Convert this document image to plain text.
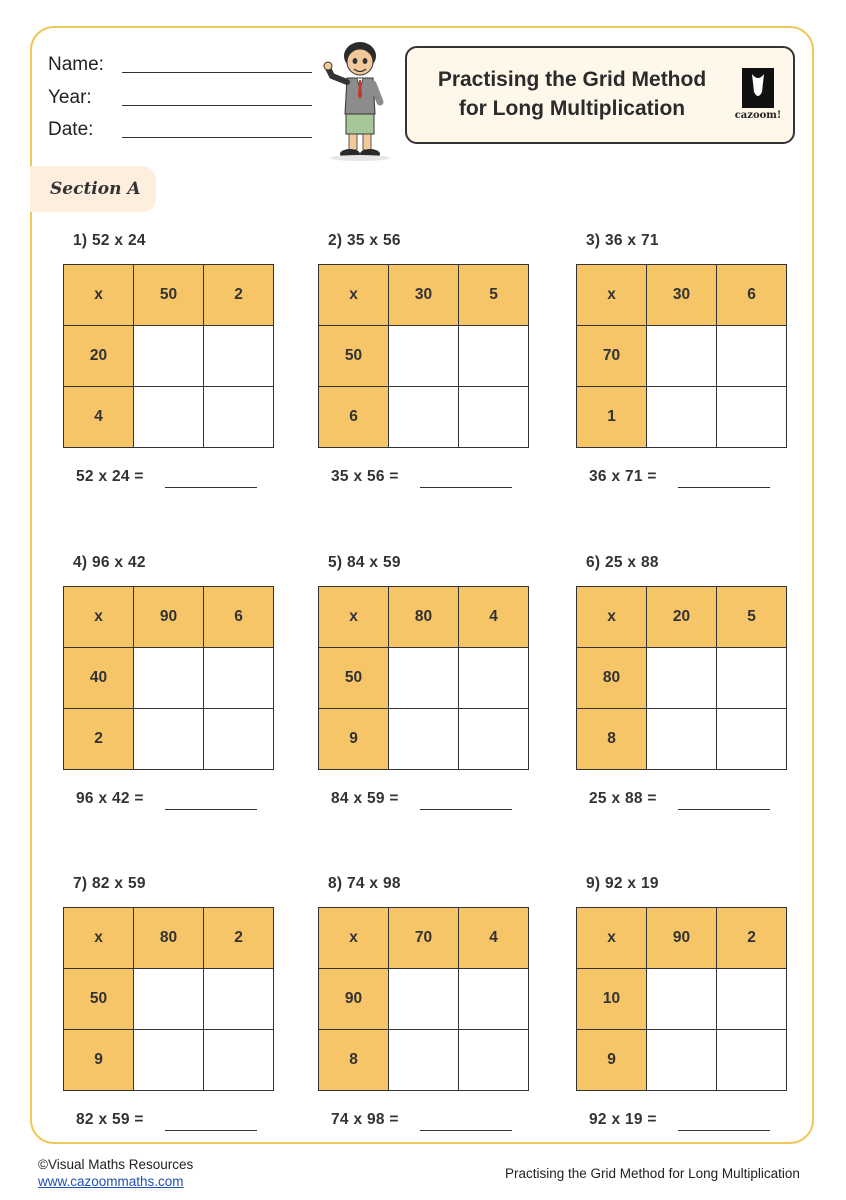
Name:
Year:
Date:
Practising the Grid Method
for Long Multiplication	cazoom!
Section A
1) 52 x 24
x	50	2
20		
4		
52 x 24 =
2) 35 x 56
x	30	5
50		
6		
35 x 56 =
3) 36 x 71
x	30	6
70		
1		
36 x 71 =
4) 96 x 42
x	90	6
40		
2		
96 x 42 =
5) 84 x 59
x	80	4
50		
9		
84 x 59 =
6) 25 x 88
x	20	5
80		
8		
25 x 88 =
7) 82 x 59
x	80	2
50		
9		
82 x 59 =
8) 74 x 98
x	70	4
90		
8		
74 x 98 =
9) 92 x 19
x	90	2
10		
9		
92 x 19 =
©Visual Maths Resources
www.cazoommaths.com
Practising the Grid Method for Long Multiplication
